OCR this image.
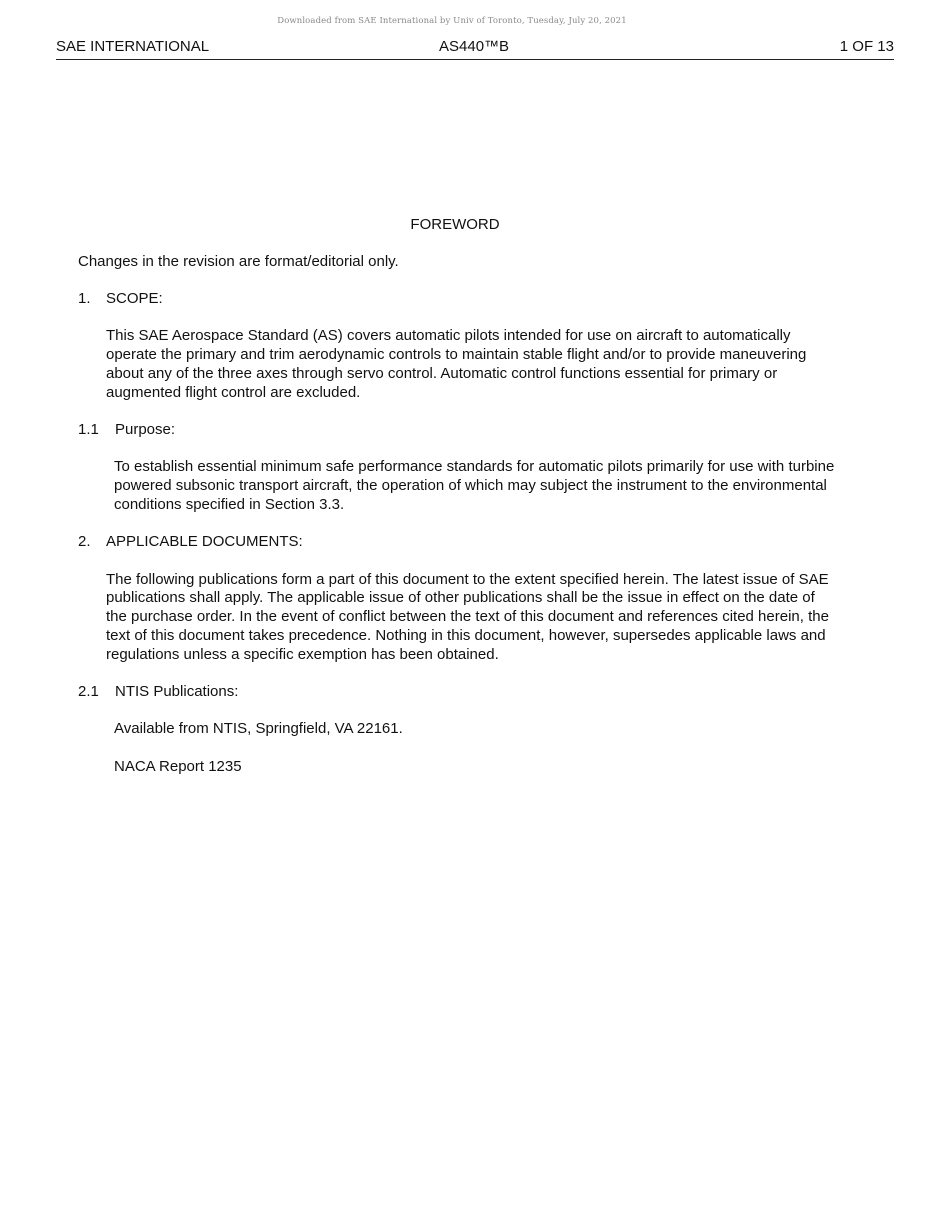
Downloaded from SAE International by Univ of Toronto, Tuesday, July 20, 2021
SAE INTERNATIONAL	AS440™B	1 OF 13
FOREWORD
Changes in the revision are format/editorial only.
1.	SCOPE:
This SAE Aerospace Standard (AS) covers automatic pilots intended for use on aircraft to automatically operate the primary and trim aerodynamic controls to maintain stable flight and/or to provide maneuvering about any of the three axes through servo control. Automatic control functions essential for primary or augmented flight control are excluded.
1.1	Purpose:
To establish essential minimum safe performance standards for automatic pilots primarily for use with turbine powered subsonic transport aircraft, the operation of which may subject the instrument to the environmental conditions specified in Section 3.3.
2.	APPLICABLE DOCUMENTS:
The following publications form a part of this document to the extent specified herein. The latest issue of SAE publications shall apply. The applicable issue of other publications shall be the issue in effect on the date of the purchase order. In the event of conflict between the text of this document and references cited herein, the text of this document takes precedence. Nothing in this document, however, supersedes applicable laws and regulations unless a specific exemption has been obtained.
2.1	NTIS Publications:
Available from NTIS, Springfield, VA 22161.
NACA Report 1235
